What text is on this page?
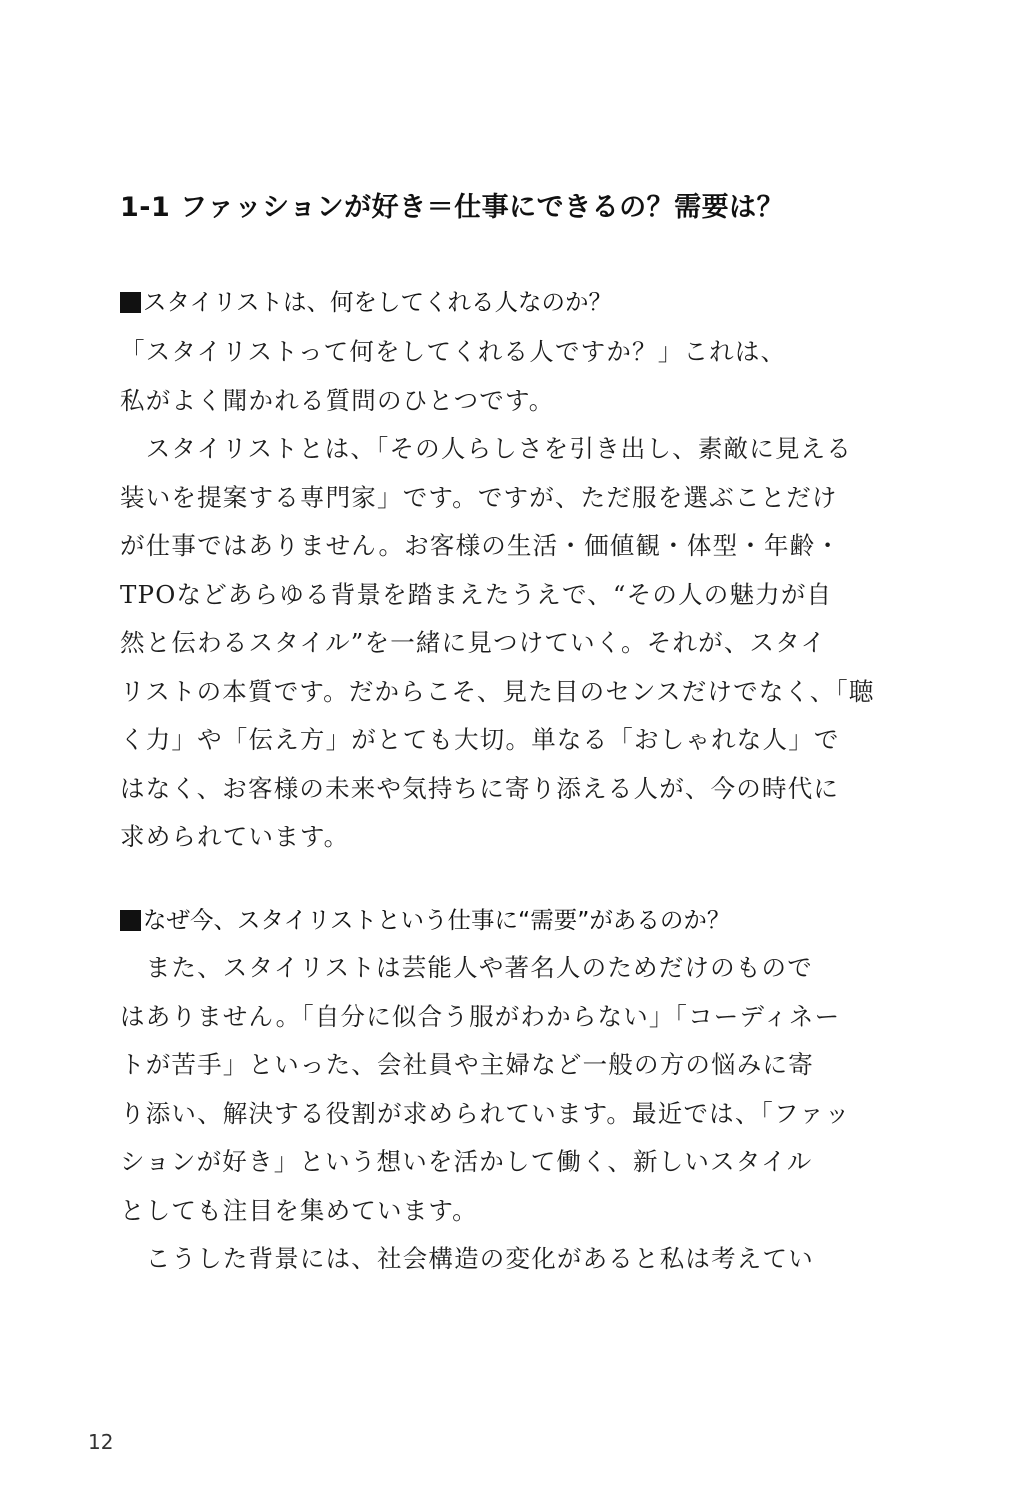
1-1 ファッションが好き＝仕事にできるの？需要は？
スタイリストは、何をしてくれる人なのか？
「スタイリストって何をしてくれる人ですか？」これは、
私がよく聞かれる質問のひとつです。
　スタイリストとは、「その人らしさを引き出し、素敵に見える
装いを提案する専門家」です。ですが、ただ服を選ぶことだけ
が仕事ではありません。お客様の生活・価値観・体型・年齢・
TPOなどあらゆる背景を踏まえたうえで、“その人の魅力が自
然と伝わるスタイル”を一緒に見つけていく。それが、スタイ
リストの本質です。だからこそ、見た目のセンスだけでなく、「聴
く力」や「伝え方」がとても大切。単なる「おしゃれな人」で
はなく、お客様の未来や気持ちに寄り添える人が、今の時代に
求められています。
なぜ今、スタイリストという仕事に“需要”があるのか？
　また、スタイリストは芸能人や著名人のためだけのもので
はありません。「自分に似合う服がわからない」「コーディネー
トが苦手」といった、会社員や主婦など一般の方の悩みに寄
り添い、解決する役割が求められています。最近では、「ファッ
ションが好き」という想いを活かして働く、新しいスタイル
としても注目を集めています。
　こうした背景には、社会構造の変化があると私は考えてい
12
